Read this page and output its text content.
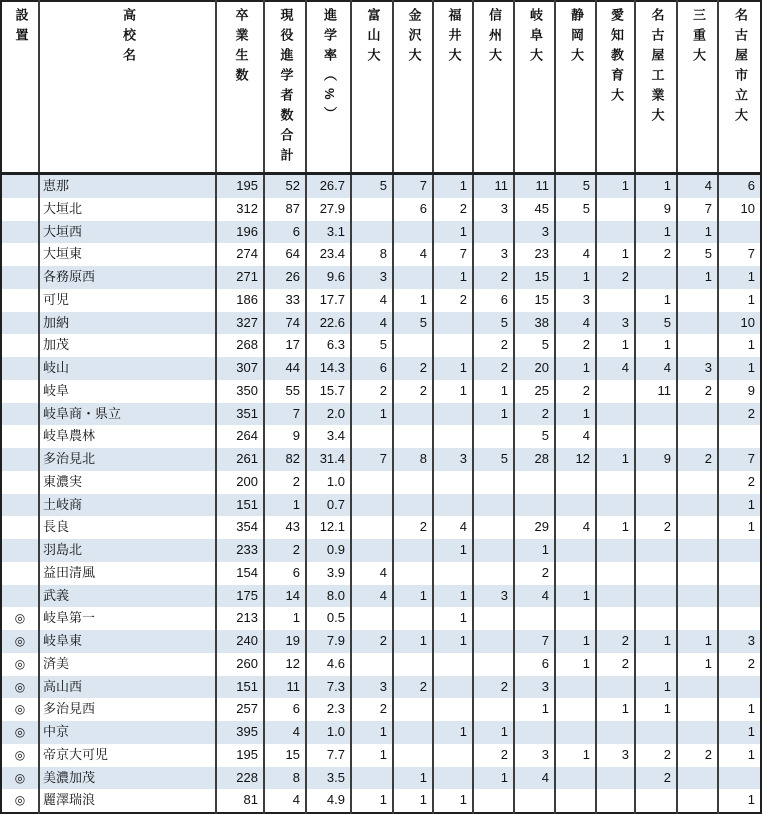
設置	高校名	卒業生数	現役進学者数合計	進学率（%）	富山大	金沢大	福井大	信州大	岐阜大	静岡大	愛知教育大	名古屋工業大	三重大	名古屋市立大
	恵那	195	52	26.7	5	7	1	11	11	5	1	1	4	6
	大垣北	312	87	27.9		6	2	3	45	5		9	7	10
	大垣西	196	6	3.1			1		3			1	1	
	大垣東	274	64	23.4	8	4	7	3	23	4	1	2	5	7
	各務原西	271	26	9.6	3		1	2	15	1	2		1	1
	可児	186	33	17.7	4	1	2	6	15	3		1		1
	加納	327	74	22.6	4	5		5	38	4	3	5		10
	加茂	268	17	6.3	5			2	5	2	1	1		1
	岐山	307	44	14.3	6	2	1	2	20	1	4	4	3	1
	岐阜	350	55	15.7	2	2	1	1	25	2		11	2	9
	岐阜商・県立	351	7	2.0	1			1	2	1				2
	岐阜農林	264	9	3.4					5	4				
	多治見北	261	82	31.4	7	8	3	5	28	12	1	9	2	7
	東濃実	200	2	1.0										2
	土岐商	151	1	0.7										1
	長良	354	43	12.1		2	4		29	4	1	2		1
	羽島北	233	2	0.9			1		1					
	益田清風	154	6	3.9	4				2					
	武義	175	14	8.0	4	1	1	3	4	1				
◎	岐阜第一	213	1	0.5			1							
◎	岐阜東	240	19	7.9	2	1	1		7	1	2	1	1	3
◎	済美	260	12	4.6					6	1	2		1	2
◎	高山西	151	11	7.3	3	2		2	3			1		
◎	多治見西	257	6	2.3	2				1		1	1		1
◎	中京	395	4	1.0	1		1	1						1
◎	帝京大可児	195	15	7.7	1			2	3	1	3	2	2	1
◎	美濃加茂	228	8	3.5		1		1	4			2		
◎	麗澤瑞浪	81	4	4.9	1	1	1							1
